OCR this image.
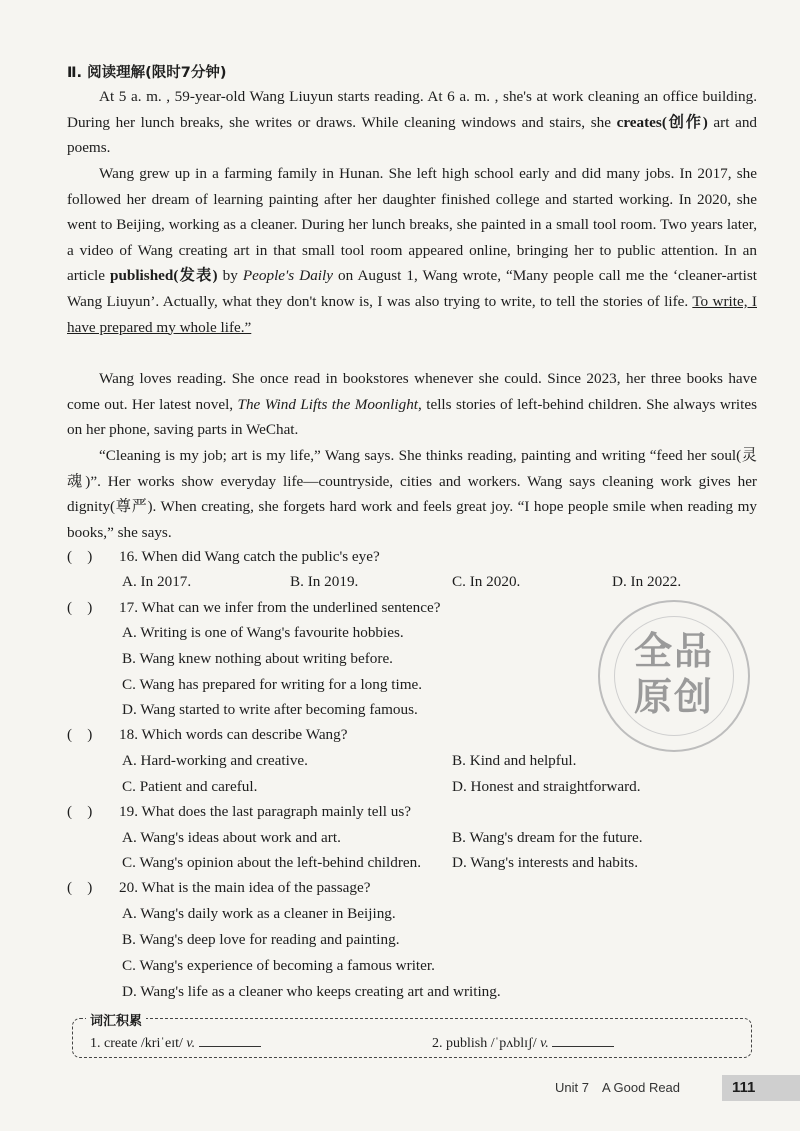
Ⅱ. 阅读理解(限时7分钟)

At 5 a. m. , 59-year-old Wang Liuyun starts reading. At 6 a. m. , she's at work cleaning an office building. During her lunch breaks, she writes or draws. While cleaning windows and stairs, she creates(创作) art and poems.

Wang grew up in a farming family in Hunan. She left high school early and did many jobs. In 2017, she followed her dream of learning painting after her daughter finished college and started working. In 2020, she went to Beijing, working as a cleaner. During her lunch breaks, she painted in a small tool room. Two years later, a video of Wang creating art in that small tool room appeared online, bringing her to public attention. In an article published(发表) by People's Daily on August 1, Wang wrote, “Many people call me the ‘cleaner-artist Wang Liuyun’. Actually, what they don't know is, I was also trying to write, to tell the stories of life. To write, I have prepared my whole life.”

Wang loves reading. She once read in bookstores whenever she could. Since 2023, her three books have come out. Her latest novel, The Wind Lifts the Moonlight, tells stories of left-behind children. She always writes on her phone, saving parts in WeChat.

“Cleaning is my job; art is my life,” Wang says. She thinks reading, painting and writing “feed her soul(灵魂)”. Her works show everyday life—countryside, cities and workers. Wang says cleaning work gives her dignity(尊严). When creating, she forgets hard work and feels great joy. “I hope people smile when reading my books,” she says.

(　) 16. When did Wang catch the public's eye?
A. In 2017.	B. In 2019.	C. In 2020.	D. In 2022.
(　) 17. What can we infer from the underlined sentence?
A. Writing is one of Wang's favourite hobbies.
B. Wang knew nothing about writing before.
C. Wang has prepared for writing for a long time.
D. Wang started to write after becoming famous.
(　) 18. Which words can describe Wang?
A. Hard-working and creative.	B. Kind and helpful.
C. Patient and careful.	D. Honest and straightforward.
(　) 19. What does the last paragraph mainly tell us?
A. Wang's ideas about work and art.	B. Wang's dream for the future.
C. Wang's opinion about the left-behind children. D. Wang's interests and habits.
(　) 20. What is the main idea of the passage?
A. Wang's daily work as a cleaner in Beijing.
B. Wang's deep love for reading and painting.
C. Wang's experience of becoming a famous writer.
D. Wang's life as a cleaner who keeps creating art and writing.
全品原创
词汇积累
1. create /kriˈeɪt/ v.	2. publish /ˈpʌblɪʃ/ v.
Unit 7 A Good Read	111
